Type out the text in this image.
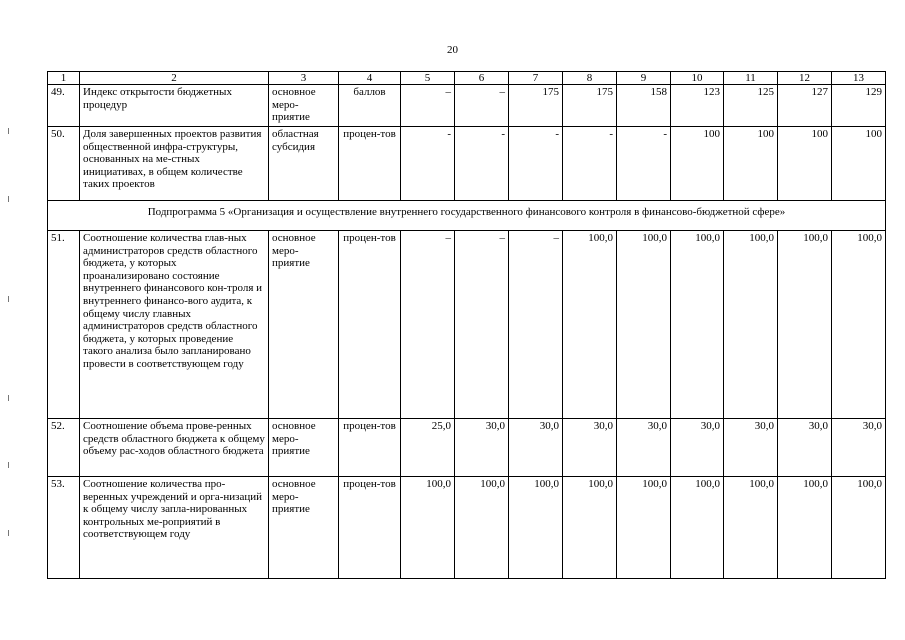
20
1	2	3	4	5	6	7	8	9	10	11	12	13
49.	Индекс открытости бюджетных процедур	основное меро-приятие	баллов	–	–	175	175	158	123	125	127	129
50.	Доля завершенных проектов развития общественной инфра-структуры, основанных на ме-стных инициативах, в общем количестве таких проектов	областная субсидия	процен-тов	-	-	-	-	-	100	100	100	100
Подпрограмма 5 «Организация и осуществление внутреннего государственного финансового контроля в финансово-бюджетной сфере»												
51.	Соотношение количества глав-ных администраторов средств областного бюджета, у которых проанализировано состояние внутреннего финансового кон-троля и внутреннего финансо-вого аудита, к общему числу главных администраторов средств областного бюджета, у которых проведение такого анализа было запланировано провести в соответствующем году	основное меро-приятие	процен-тов	–	–	–	100,0	100,0	100,0	100,0	100,0	100,0
52.	Соотношение объема прове-ренных средств областного бюджета к общему объему рас-ходов областного бюджета	основное меро-приятие	процен-тов	25,0	30,0	30,0	30,0	30,0	30,0	30,0	30,0	30,0
53.	Соотношение количества про-веренных учреждений и орга-низаций к общему числу запла-нированных контрольных ме-роприятий в соответствующем году	основное меро-приятие	процен-тов	100,0	100,0	100,0	100,0	100,0	100,0	100,0	100,0	100,0
